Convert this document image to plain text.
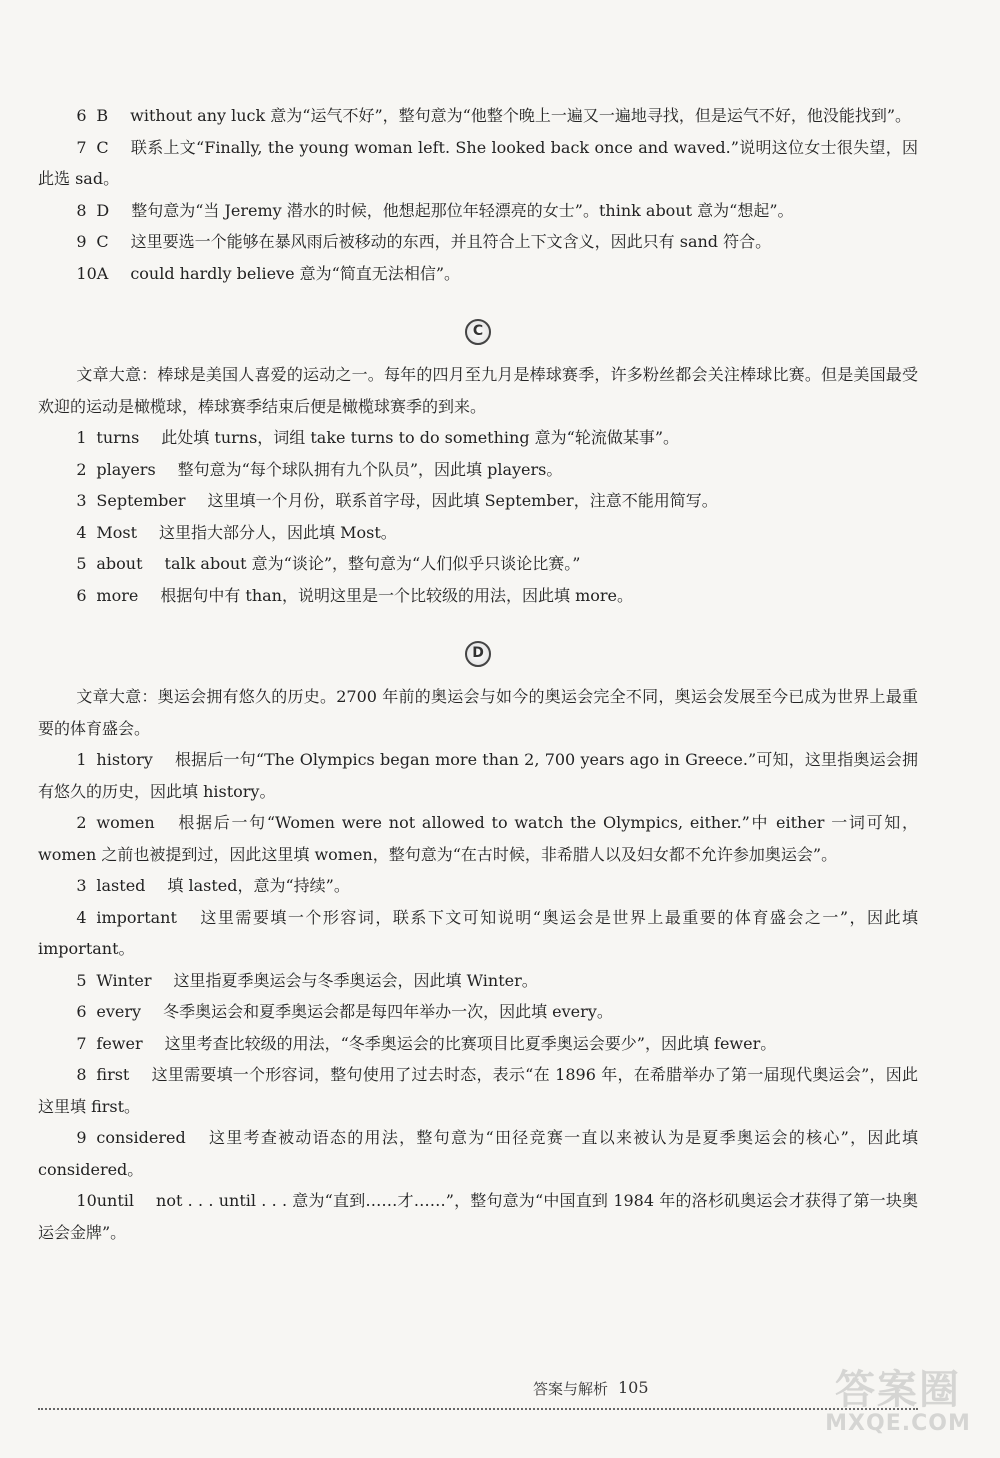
6 B without any luck 意为“运气不好”，整句意为“他整个晚上一遍又一遍地寻找，但是运气不好，他没能找到”。

7 C 联系上文“Finally, the young woman left. She looked back once and waved.”说明这位女士很失望，因此选 sad。

8 D 整句意为“当 Jeremy 潜水的时候，他想起那位年轻漂亮的女士”。think about 意为“想起”。

9 C 这里要选一个能够在暴风雨后被移动的东西，并且符合上下文含义，因此只有 sand 符合。

10A could hardly believe 意为“简直无法相信”。

C

文章大意：棒球是美国人喜爱的运动之一。每年的四月至九月是棒球赛季，许多粉丝都会关注棒球比赛。但是美国最受欢迎的运动是橄榄球，棒球赛季结束后便是橄榄球赛季的到来。

1 turns 此处填 turns，词组 take turns to do something 意为“轮流做某事”。

2 players 整句意为“每个球队拥有九个队员”，因此填 players。

3 September 这里填一个月份，联系首字母，因此填 September，注意不能用简写。

4 Most 这里指大部分人，因此填 Most。

5 about talk about 意为“谈论”，整句意为“人们似乎只谈论比赛。”

6 more 根据句中有 than，说明这里是一个比较级的用法，因此填 more。

D

文章大意：奥运会拥有悠久的历史。2700 年前的奥运会与如今的奥运会完全不同，奥运会发展至今已成为世界上最重要的体育盛会。

1 history 根据后一句“The Olympics began more than 2, 700 years ago in Greece.”可知，这里指奥运会拥有悠久的历史，因此填 history。

2 women 根据后一句“Women were not allowed to watch the Olympics, either.”中 either 一词可知，women 之前也被提到过，因此这里填 women，整句意为“在古时候，非希腊人以及妇女都不允许参加奥运会”。

3 lasted 填 lasted，意为“持续”。

4 important 这里需要填一个形容词，联系下文可知说明“奥运会是世界上最重要的体育盛会之一”，因此填 important。

5 Winter 这里指夏季奥运会与冬季奥运会，因此填 Winter。

6 every 冬季奥运会和夏季奥运会都是每四年举办一次，因此填 every。

7 fewer 这里考查比较级的用法，“冬季奥运会的比赛项目比夏季奥运会要少”，因此填 fewer。

8 first 这里需要填一个形容词，整句使用了过去时态，表示“在 1896 年，在希腊举办了第一届现代奥运会”，因此这里填 first。

9 considered 这里考查被动语态的用法，整句意为“田径竞赛一直以来被认为是夏季奥运会的核心”，因此填 considered。

10until not . . . until . . . 意为“直到……才……”，整句意为“中国直到 1984 年的洛杉矶奥运会才获得了第一块奥运会金牌”。

答案与解析 105	答案圈
MXQE.COM
